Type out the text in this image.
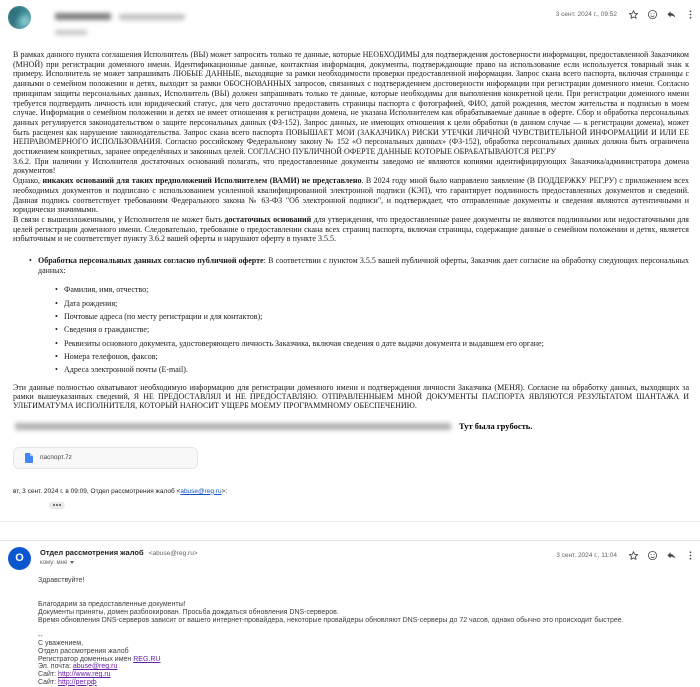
3 сент. 2024 г., 09:52

В рамках данного пункта соглашения Исполнитель (ВЫ) может запросить только те данные, которые НЕОБХОДИМЫ для подтверждения достоверности информации, предоставленной Заказчиком (МНОЙ) при регистрации доменного имени. Идентификационные данные, контактная информация, документы, подтверждающие право на использование если используется товарный знак к примеру. Исполнитель не может запрашивать ЛЮБЫЕ ДАННЫЕ, выходящие за рамки необходимости проверки предоставленной информации. Запрос скана всего паспорта, включая страницы с данными о семейном положении и детях, выходит за рамки ОБОСНОВАННЫХ запросов, связанных с подтверждением достоверности информации при регистрации доменного имени. Согласно принципам защиты персональных данных, Исполнитель (ВЫ) должен запрашивать только те данные, которые необходимы для выполнения конкретной цели. При регистрации доменного имени требуется подтвердить личность или юридический статус, для чего достаточно предоставить страницы паспорта с фотографией, ФИО, датой рождения, местом жительства и подписью в моем случае. Информация о семейном положении и детях не имеет отношения к регистрации домена, не указана Исполнителем как обрабатываемые данные в оферте. Сбор и обработка персональных данных регулируется законодательством о защите персональных данных (ФЗ-152). Запрос данных, не имеющих отношения к цели обработки (в данном случае — к регистрации домена), может быть расценен как нарушение законодательства. Запрос скана всего паспорта ПОВЫШАЕТ МОИ (ЗАКАЗЧИКА) РИСКИ УТЕЧКИ ЛИЧНОЙ ЧУВСТВИТЕЛЬНОЙ ИНФОРМАЦИИ И ИЛИ ЕЕ НЕПРАВОМЕРНОГО ИСПОЛЬЗОВАНИЯ. Согласно российскому Федеральному закону № 152 «О персональных данных» (ФЗ-152), обработка персональных данных должна быть ограничена достижением конкретных, заранее определённых и законных целей. СОГЛАСНО ПУБЛИЧНОЙ ОФЕРТЕ ДАННЫЕ КОТОРЫЕ ОБРАБАТЫВАЮТСЯ РЕГ.РУ

3.6.2. При наличии у Исполнителя достаточных оснований полагать, что предоставленные документы заведомо не являются копиями идентифицирующих Заказчика/администратора домена документов!

Однако, никаких оснований для таких предположений Исполнителем (ВАМИ) не представлено. В 2024 году мной было направлено заявление (В ПОДДЕРЖКУ РЕГ.РУ) с приложением всех необходимых документов и подписано с использованием усиленной квалифицированной электронной подписи (КЭП), что гарантирует подлинность предоставленных документов и сведений. Данная подпись соответствует требованиям Федерального закона № 63-ФЗ "Об электронной подписи", и подтверждает, что отправленные документы и сведения являются аутентичными и юридически значимыми.

В связи с вышеизложенными, у Исполнителя не может быть достаточных оснований для утверждения, что предоставленные ранее документы не являются подлинными или недостаточными для целей регистрации доменного имени. Следовательно, требование о предоставлении скана всех страниц паспорта, включая страницы, содержащие данные о семейном положении и детях, является избыточным и не соответствует пункту 3.6.2 вашей оферты и нарушают оферту в пункте 3.5.5.

• Обработка персональных данных согласно публичной оферте: В соответствии с пунктом 3.5.5 вашей публичной оферты, Заказчик дает согласие на обработку следующих персональных данных:
• Фамилия, имя, отчество;
• Дата рождения;
• Почтовые адреса (по месту регистрации и для контактов);
• Сведения о гражданстве;
• Реквизиты основного документа, удостоверяющего личность Заказчика, включая сведения о дате выдачи документа и выдавшем его органе;
• Номера телефонов, факсов;
• Адреса электронной почты (E-mail).

Эти данные полностью охватывают необходимую информацию для регистрации доменного имени и подтверждения личности Заказчика (МЕНЯ). Согласие на обработку данных, выходящих за рамки вышеуказанных сведений, Я НЕ ПРЕДОСТАВЛЯЛ И НЕ ПРЕДОСТАВЛЯЮ. ОТПРАВЛЕННЫЕМ МНОЙ ДОКУМЕНТЫ ПАСПОРТА ЯВЛЯЮТСЯ РЕЗУЛЬТАТОМ ШАНТАЖА И УЛЬТИМАТУМА ИСПОЛНИТЕЛЯ, КОТОРЫЙ НАНОСИТ УЩЕРБ МОЕМУ ПРОГРАММНОМУ ОБЕСПЕЧЕНИЮ.

Тут была грубость.
паспорт.7z
вт, 3 сент. 2024 г. в 09:09, Отдел рассмотрения жалоб <abuse@reg.ru>:
О Отдел рассмотрения жалоб <abuse@reg.ru>
кому: мне
3 сент. 2024 г., 11:04

Здравствуйте!

Благодарим за предоставленные документы!

Документы приняты, домен разблокирован. Просьба дождаться обновления DNS-серверов.

Время обновления DNS-серверов зависит от вашего интернет-провайдера, некоторые провайдеры обновляют DNS-серверы до 72 часов, однако обычно это происходит быстрее.

--

С уважением,

Отдел рассмотрения жалоб

Регистратор доменных имен REG.RU

Эл. почта: abuse@reg.ru

Сайт: http://www.reg.ru

Сайт: http://рег.рф
